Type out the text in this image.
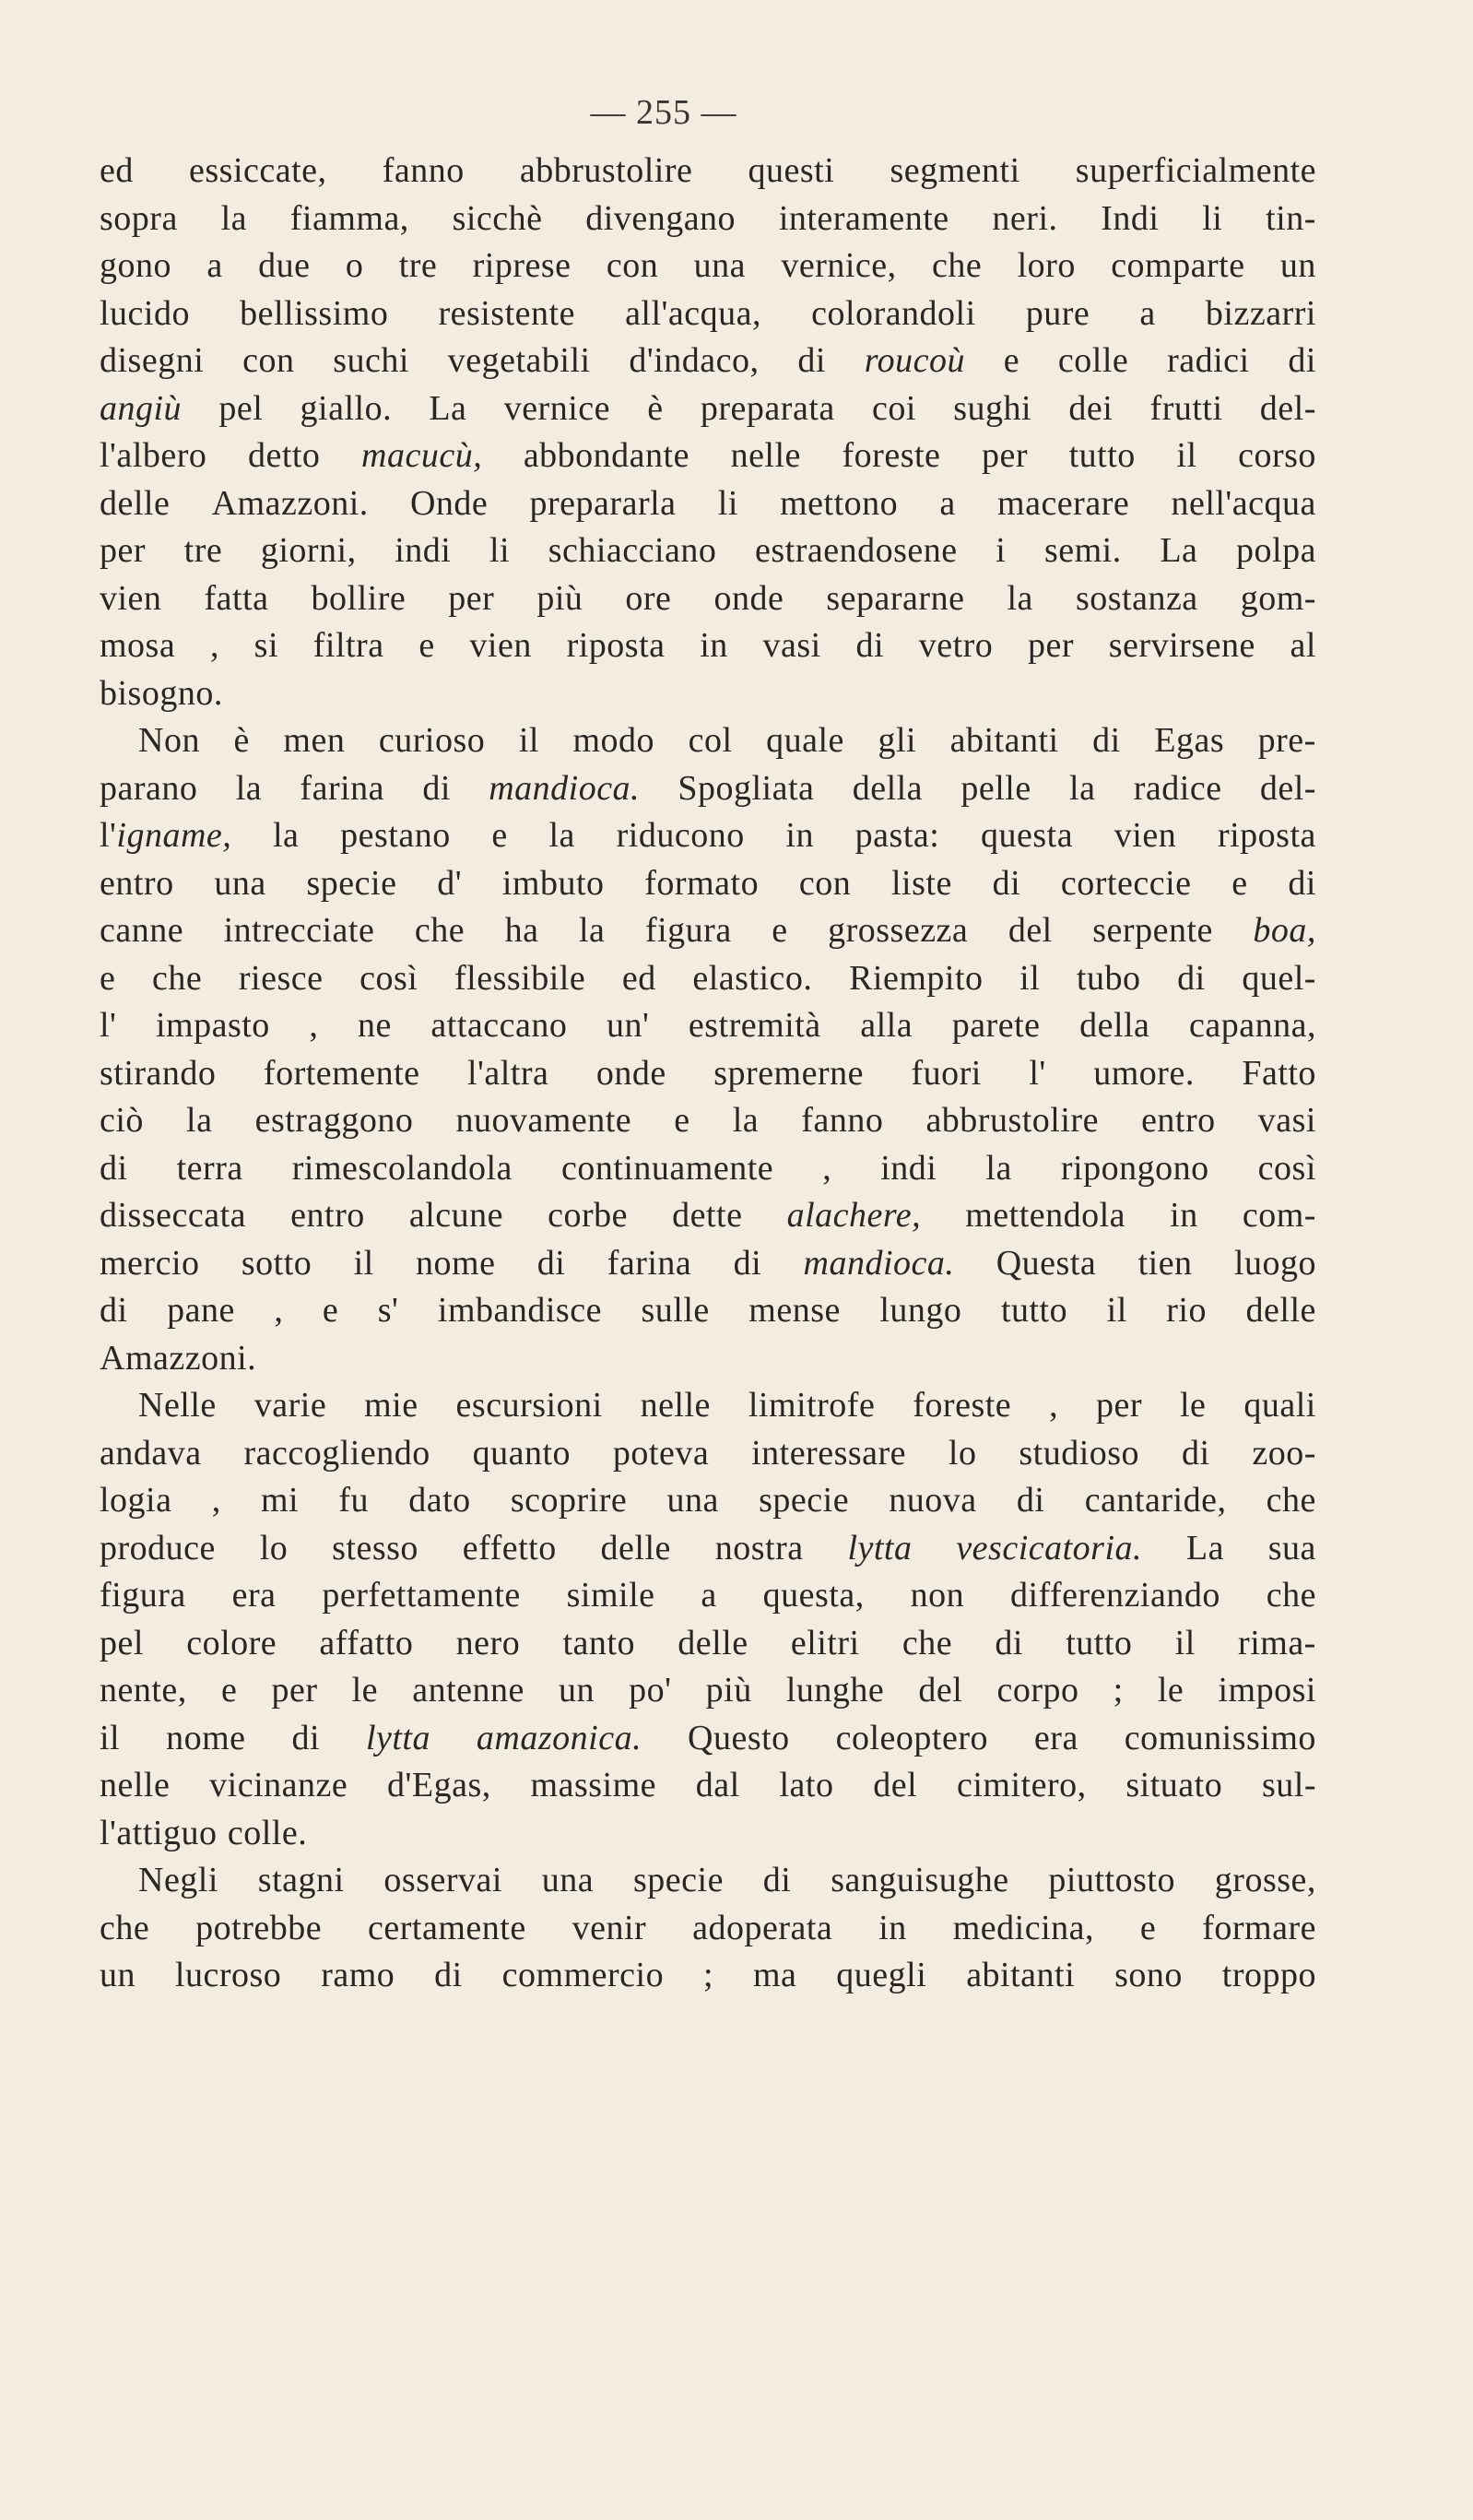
— 255 —
ed essiccate, fanno abbrustolire questi segmenti superficialmente
sopra la fiamma, sicchè divengano interamente neri. Indi li tin-
gono a due o tre riprese con una vernice, che loro comparte un
lucido bellissimo resistente all'acqua, colorandoli pure a bizzarri
disegni con suchi vegetabili d'indaco, di roucoù e colle radici di
angiù pel giallo. La vernice è preparata coi sughi dei frutti del-
l'albero detto macucù, abbondante nelle foreste per tutto il corso
delle Amazzoni. Onde prepararla li mettono a macerare nell'acqua
per tre giorni, indi li schiacciano estraendosene i semi. La polpa
vien fatta bollire per più ore onde separarne la sostanza gom-
mosa , si filtra e vien riposta in vasi di vetro per servirsene al
bisogno.
Non è men curioso il modo col quale gli abitanti di Egas pre-
parano la farina di mandioca. Spogliata della pelle la radice del-
l'igname, la pestano e la riducono in pasta: questa vien riposta
entro una specie d' imbuto formato con liste di corteccie e di
canne intrecciate che ha la figura e grossezza del serpente boa,
e che riesce così flessibile ed elastico. Riempito il tubo di quel-
l' impasto , ne attaccano un' estremità alla parete della capanna,
stirando fortemente l'altra onde spremerne fuori l' umore. Fatto
ciò la estraggono nuovamente e la fanno abbrustolire entro vasi
di terra rimescolandola continuamente , indi la ripongono così
disseccata entro alcune corbe dette alachere, mettendola in com-
mercio sotto il nome di farina di mandioca. Questa tien luogo
di pane , e s' imbandisce sulle mense lungo tutto il rio delle
Amazzoni.
Nelle varie mie escursioni nelle limitrofe foreste , per le quali
andava raccogliendo quanto poteva interessare lo studioso di zoo-
logia , mi fu dato scoprire una specie nuova di cantaride, che
produce lo stesso effetto delle nostra lytta vescicatoria. La sua
figura era perfettamente simile a questa, non differenziando che
pel colore affatto nero tanto delle elitri che di tutto il rima-
nente, e per le antenne un po' più lunghe del corpo ; le imposi
il nome di lytta amazonica. Questo coleoptero era comunissimo
nelle vicinanze d'Egas, massime dal lato del cimitero, situato sul-
l'attiguo colle.
Negli stagni osservai una specie di sanguisughe piuttosto grosse,
che potrebbe certamente venir adoperata in medicina, e formare
un lucroso ramo di commercio ; ma quegli abitanti sono troppo
